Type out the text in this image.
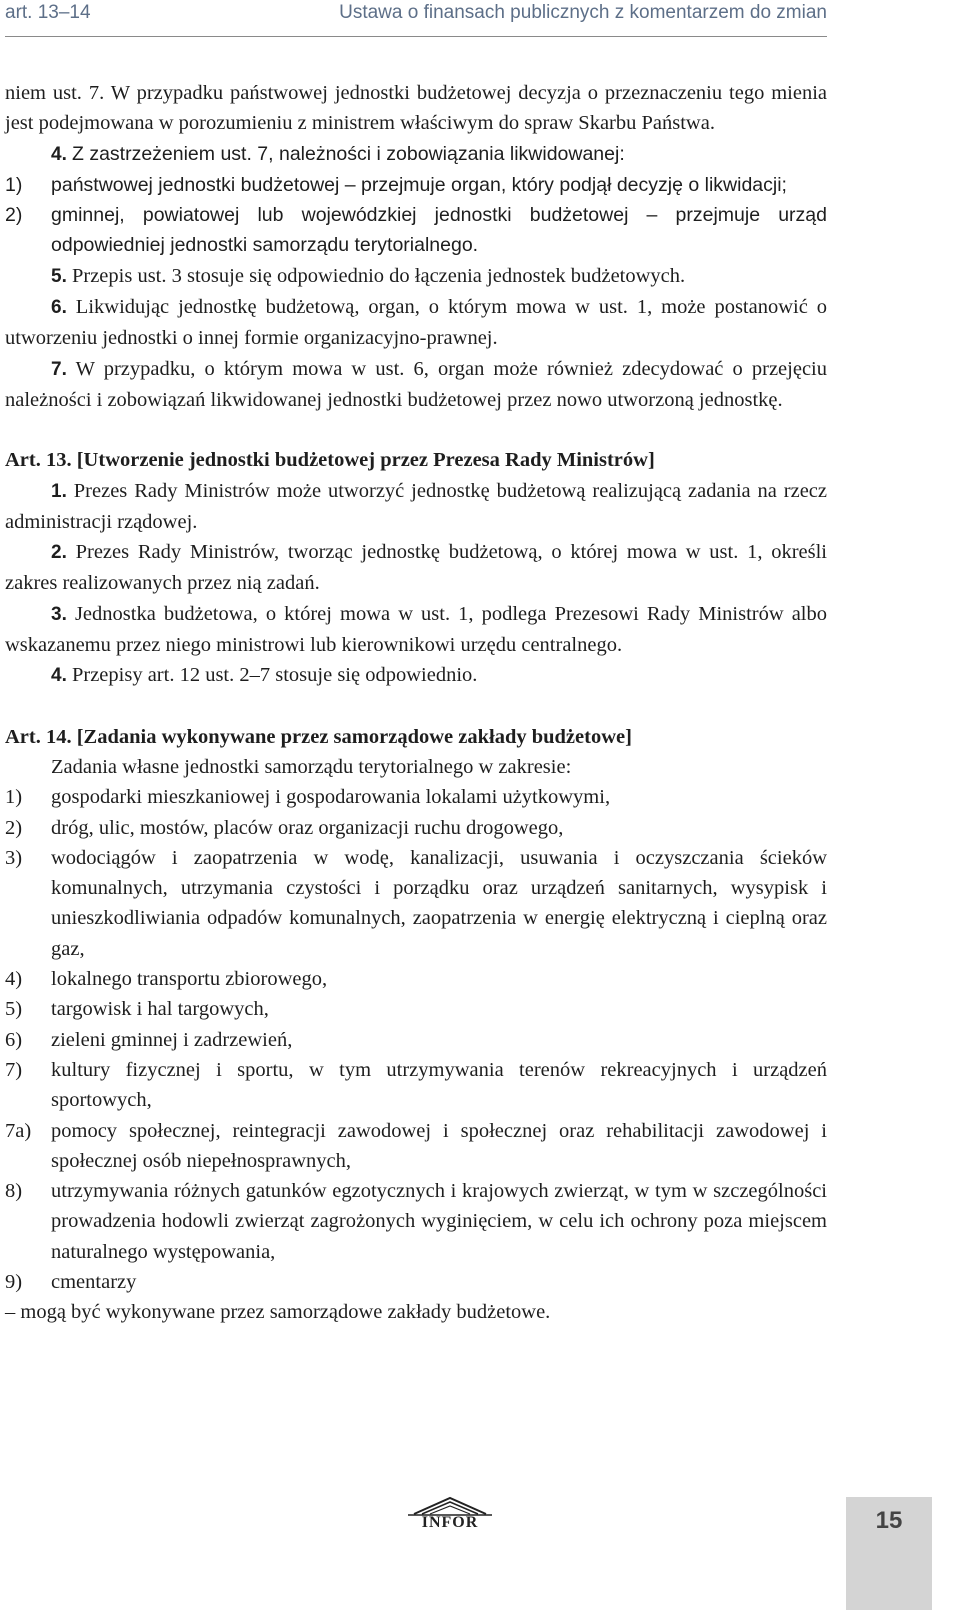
art. 13–14	Ustawa o finansach publicznych z komentarzem do zmian

niem ust. 7. W przypadku państwowej jednostki budżetowej decyzja o przeznaczeniu tego mienia jest podejmowana w porozumieniu z ministrem właściwym do spraw Skarbu Państwa.

4. Z zastrzeżeniem ust. 7, należności i zobowiązania likwidowanej:

1)	państwowej jednostki budżetowej – przejmuje organ, który podjął decyzję o likwidacji;
2)	gminnej, powiatowej lub wojewódzkiej jednostki budżetowej – przejmuje urząd odpowiedniej jednostki samorządu terytorialnego.

5. Przepis ust. 3 stosuje się odpowiednio do łączenia jednostek budżetowych.

6. Likwidując jednostkę budżetową, organ, o którym mowa w ust. 1, może postanowić o utworzeniu jednostki o innej formie organizacyjno-prawnej.

7. W przypadku, o którym mowa w ust. 6, organ może również zdecydować o przejęciu należności i zobowiązań likwidowanej jednostki budżetowej przez nowo utworzoną jednostkę.

Art. 13. [Utworzenie jednostki budżetowej przez Prezesa Rady Ministrów]

1. Prezes Rady Ministrów może utworzyć jednostkę budżetową realizującą zadania na rzecz administracji rządowej.

2. Prezes Rady Ministrów, tworząc jednostkę budżetową, o której mowa w ust. 1, określi zakres realizowanych przez nią zadań.

3. Jednostka budżetowa, o której mowa w ust. 1, podlega Prezesowi Rady Ministrów albo wskazanemu przez niego ministrowi lub kierownikowi urzędu centralnego.

4. Przepisy art. 12 ust. 2–7 stosuje się odpowiednio.

Art. 14. [Zadania wykonywane przez samorządowe zakłady budżetowe]

Zadania własne jednostki samorządu terytorialnego w zakresie:

1)	gospodarki mieszkaniowej i gospodarowania lokalami użytkowymi,
2)	dróg, ulic, mostów, placów oraz organizacji ruchu drogowego,
3)	wodociągów i zaopatrzenia w wodę, kanalizacji, usuwania i oczyszczania ścieków komunalnych, utrzymania czystości i porządku oraz urządzeń sanitarnych, wysypisk i unieszkodliwiania odpadów komunalnych, zaopatrzenia w energię elektryczną i cieplną oraz gaz,
4)	lokalnego transportu zbiorowego,
5)	targowisk i hal targowych,
6)	zieleni gminnej i zadrzewień,
7)	kultury fizycznej i sportu, w tym utrzymywania terenów rekreacyjnych i urządzeń sportowych,
7a) pomocy społecznej, reintegracji zawodowej i społecznej oraz rehabilitacji zawodowej i społecznej osób niepełnosprawnych,
8)	utrzymywania różnych gatunków egzotycznych i krajowych zwierząt, w tym w szczególności prowadzenia hodowli zwierząt zagrożonych wyginięciem, w celu ich ochrony poza miejscem naturalnego występowania,
9)	cmentarzy

– mogą być wykonywane przez samorządowe zakłady budżetowe.

INFOR	15
